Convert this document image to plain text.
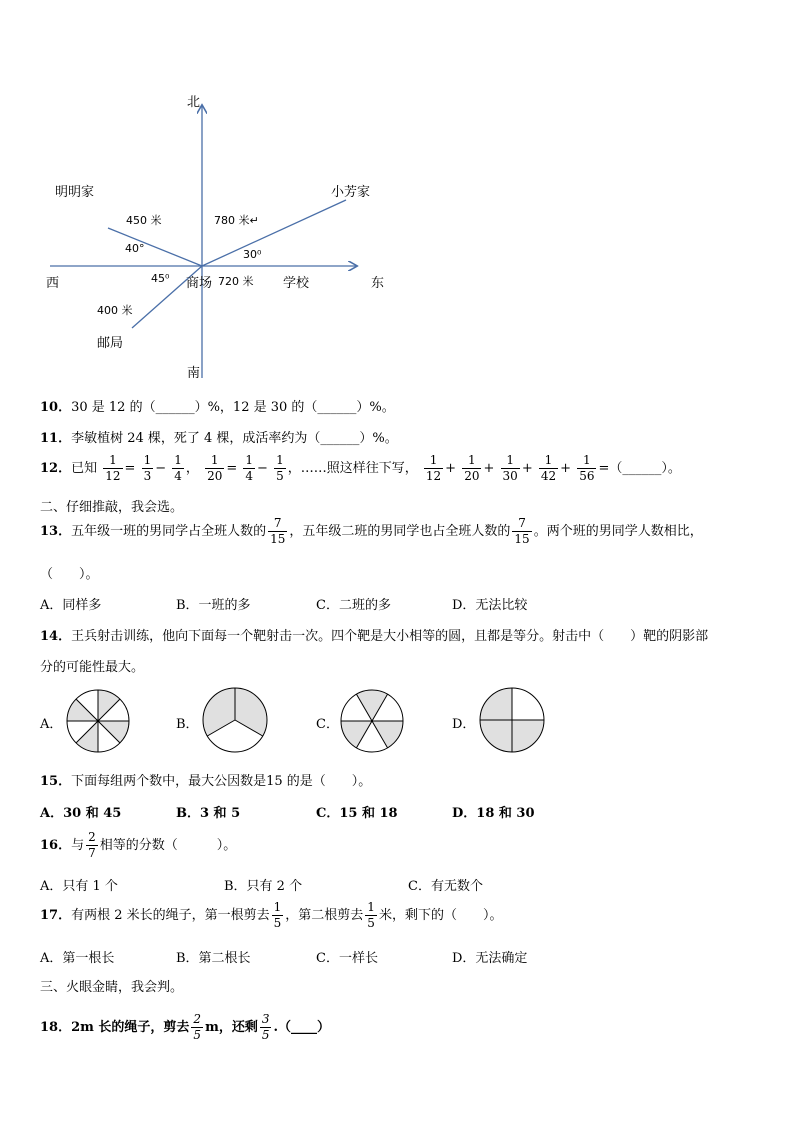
北
南
西	东
明明家	小芳家
商场	学校
邮局
450 米	780 米↵
720 米
400 米
40°	30⁰
45⁰
10．30 是 12 的（______）%，12 是 30 的（______）%。
11．李敏植树 24 棵，死了 4 棵，成活率约为（______）%。
12．已知 $\frac{1}{12} = \frac{1}{3} - \frac{1}{4}$ ， $\frac{1}{20} = \frac{1}{4} - \frac{1}{5}$ ，……照这样往下写， $\frac{1}{12} + \frac{1}{20} + \frac{1}{30} + \frac{1}{42} + \frac{1}{56}$ =（______）。
二、仔细推敲，我会选。
13．五年级一班的男同学占全班人数的 $\frac{7}{15}$ ，五年级二班的男同学也占全班人数的 $\frac{7}{15}$ 。两个班的男同学人数相比，
（　　）。
A．同样多	B．一班的多	C．二班的多	D．无法比较
14．王兵射击训练，他向下面每一个靶射击一次。四个靶是大小相等的圆，且都是等分。射击中（　　）靶的阴影部
分的可能性最大。
A．	B．	C．	D．
15．下面每组两个数中，最大公因数是15 的是（　　）。
A．30 和 45	B．3 和 5	C．15 和 18	D．18 和 30
16．与 $\frac{2}{7}$ 相等的分数（　　　）。
A．只有 1 个	B．只有 2 个	C．有无数个
17．有两根 2 米长的绳子，第一根剪去 $\frac{1}{5}$ ，第二根剪去 $\frac{1}{5}$ 米，剩下的（　　）。
A．第一根长	B．第二根长	C．一样长	D．无法确定
三、火眼金睛，我会判。
18．2m 长的绳子，剪去 $\frac{2}{5}$ m，还剩 $\frac{3}{5}$ .（____）
